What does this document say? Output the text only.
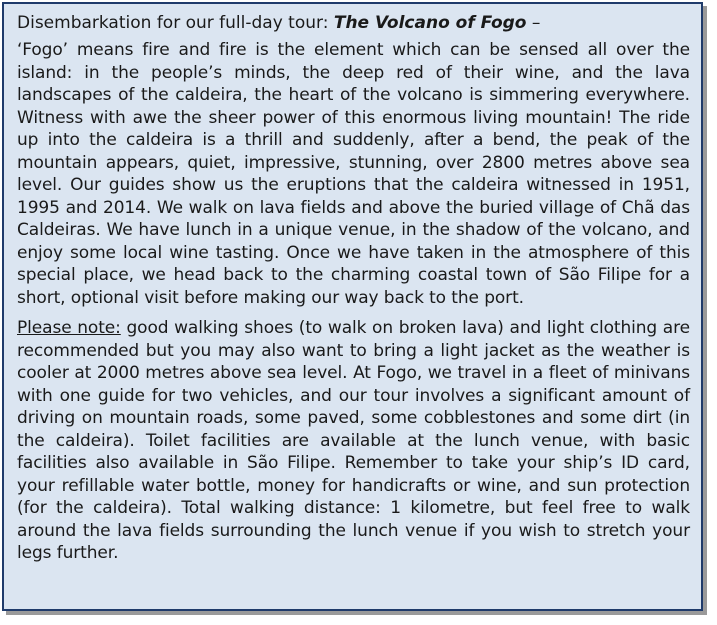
Disembarkation for our full-day tour: The Volcano of Fogo –

‘Fogo’ means fire and fire is the element which can be sensed all over the island: in the people’s minds, the deep red of their wine, and the lava landscapes of the caldeira, the heart of the volcano is simmering everywhere. Witness with awe the sheer power of this enormous living mountain! The ride up into the caldeira is a thrill and suddenly, after a bend, the peak of the mountain appears, quiet, impressive, stunning, over 2800 metres above sea level. Our guides show us the eruptions that the caldeira witnessed in 1951, 1995 and 2014. We walk on lava fields and above the buried village of Chã das Caldeiras. We have lunch in a unique venue, in the shadow of the volcano, and enjoy some local wine tasting. Once we have taken in the atmosphere of this special place, we head back to the charming coastal town of São Filipe for a short, optional visit before making our way back to the port.

Please note: good walking shoes (to walk on broken lava) and light clothing are recommended but you may also want to bring a light jacket as the weather is cooler at 2000 metres above sea level. At Fogo, we travel in a fleet of minivans with one guide for two vehicles, and our tour involves a significant amount of driving on mountain roads, some paved, some cobblestones and some dirt (in the caldeira). Toilet facilities are available at the lunch venue, with basic facilities also available in São Filipe. Remember to take your ship’s ID card, your refillable water bottle, money for handicrafts or wine, and sun protection (for the caldeira). Total walking distance: 1 kilometre, but feel free to walk around the lava fields surrounding the lunch venue if you wish to stretch your legs further.
